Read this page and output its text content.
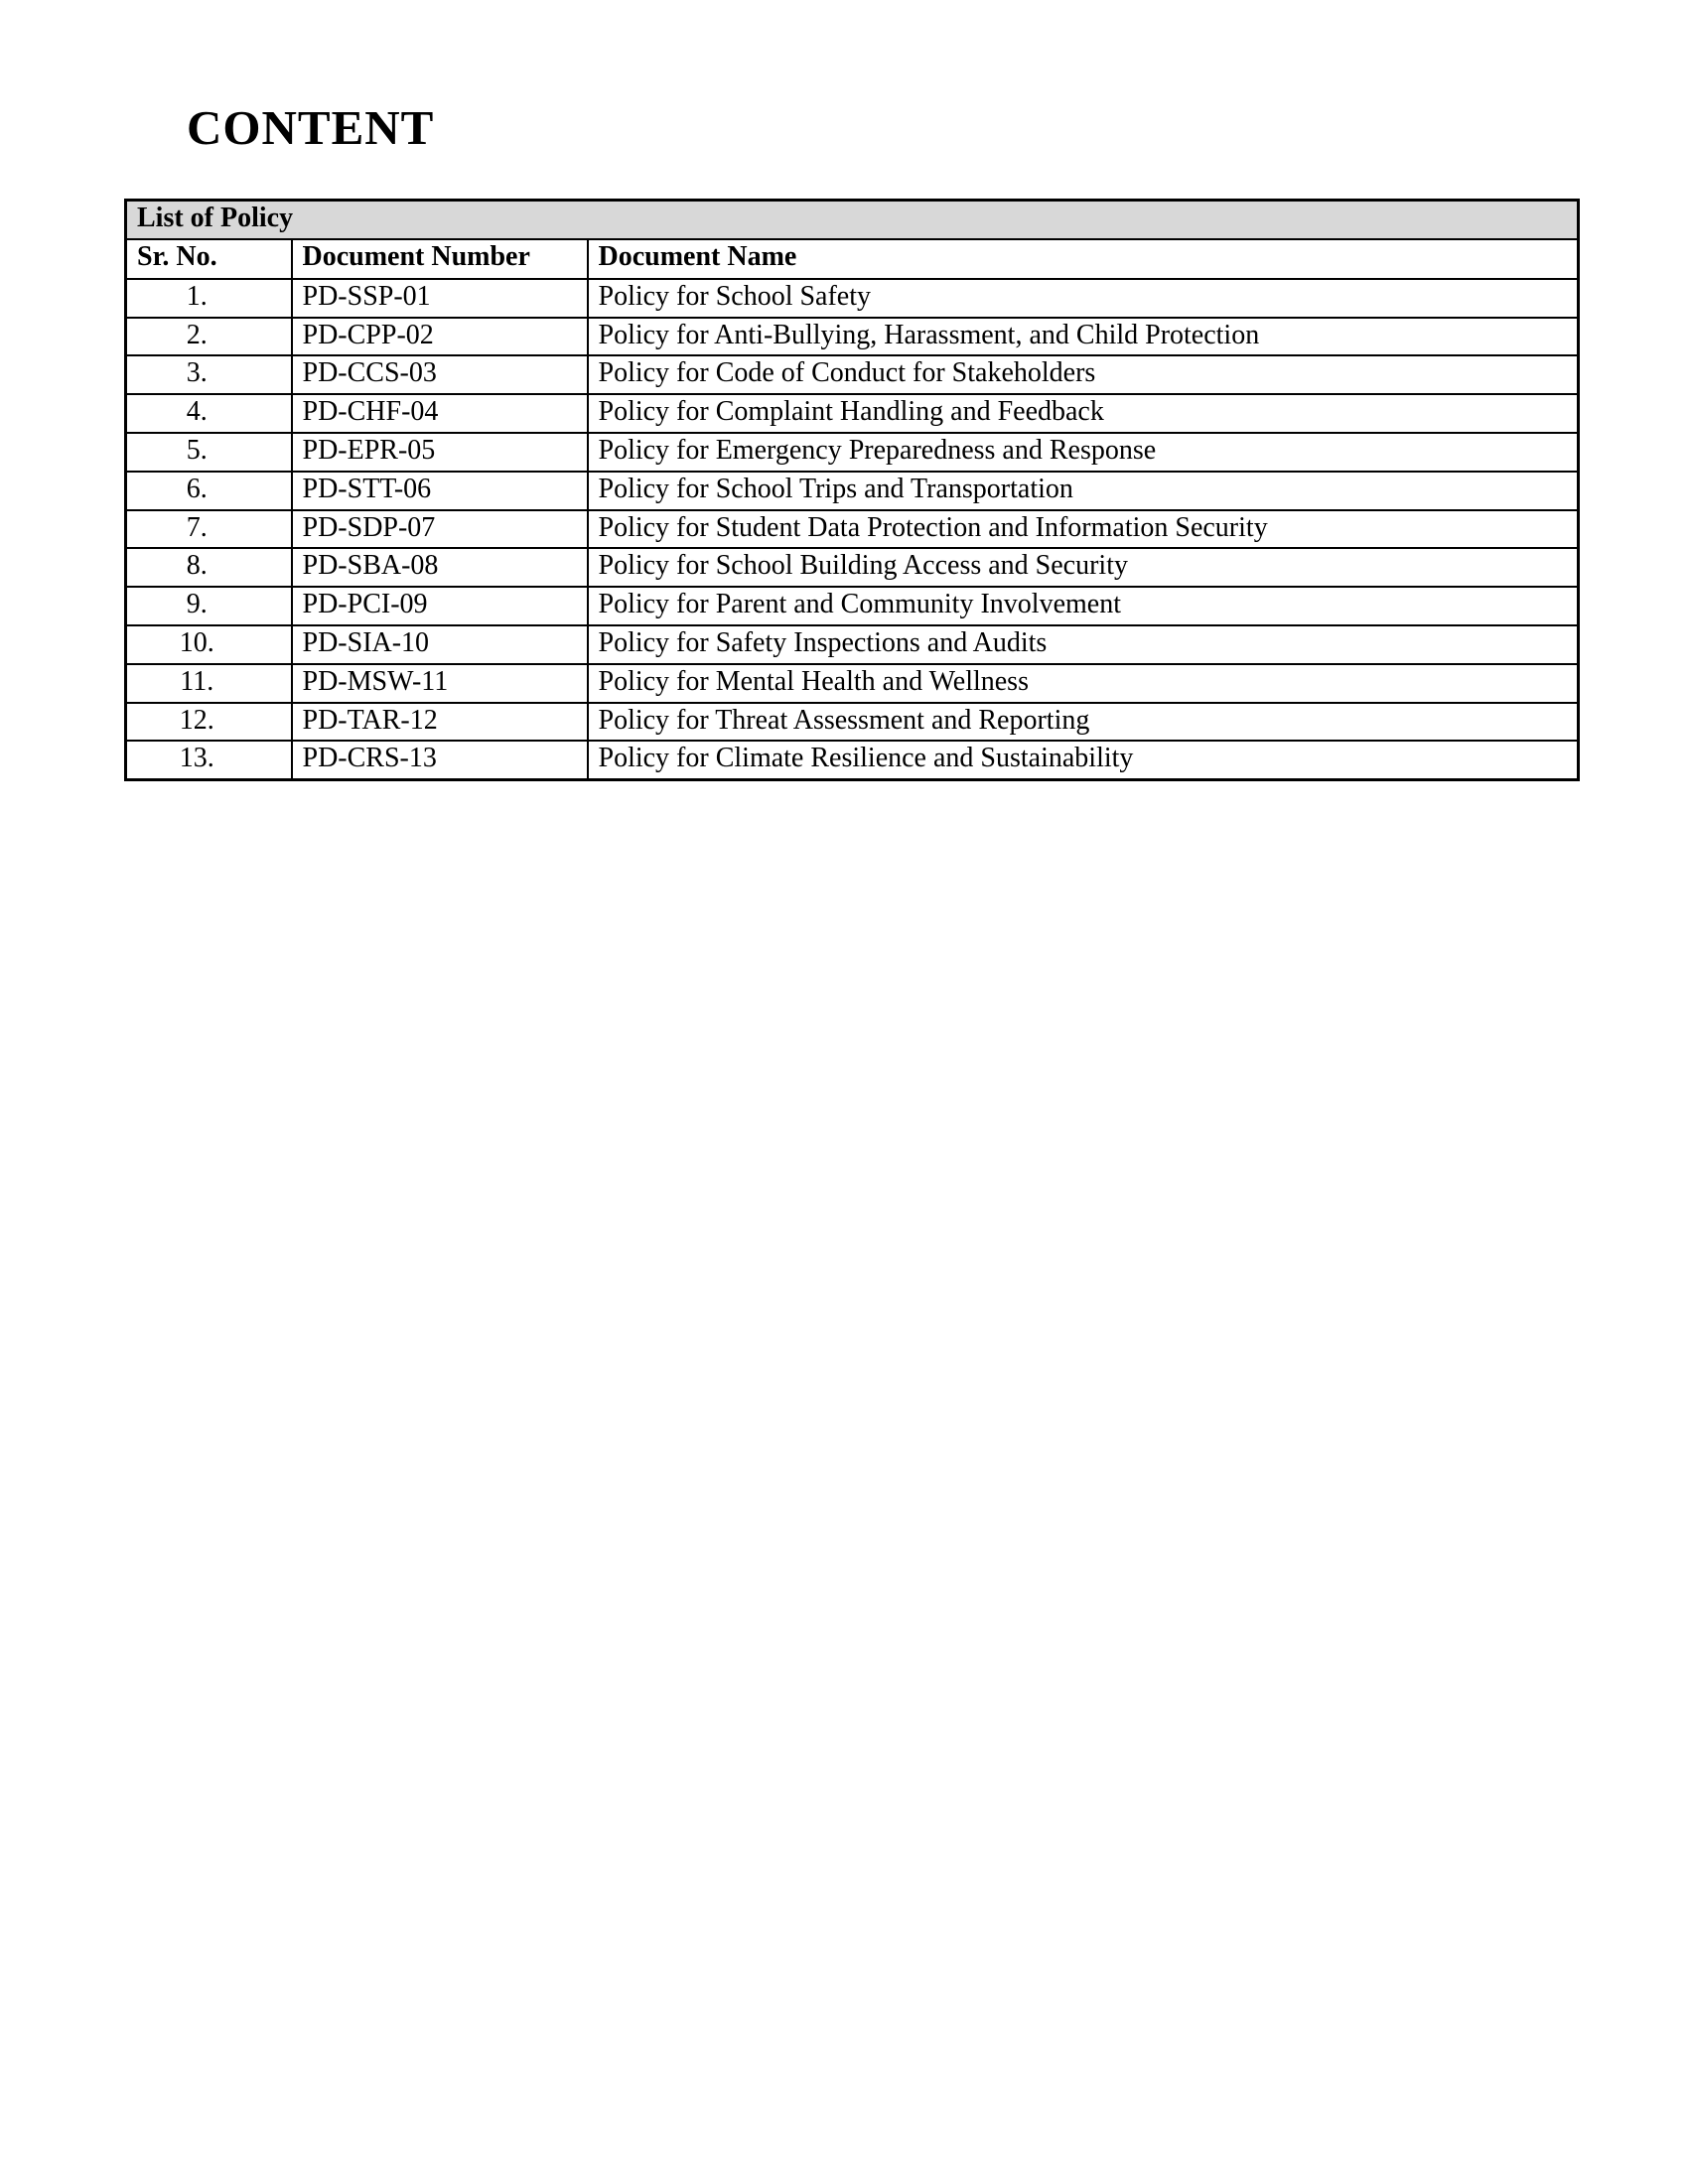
CONTENT
List of Policy		
Sr. No.	Document Number	Document Name
1.	PD-SSP-01	Policy for School Safety
2.	PD-CPP-02	Policy for Anti-Bullying, Harassment, and Child Protection
3.	PD-CCS-03	Policy for Code of Conduct for Stakeholders
4.	PD-CHF-04	Policy for Complaint Handling and Feedback
5.	PD-EPR-05	Policy for Emergency Preparedness and Response
6.	PD-STT-06	Policy for School Trips and Transportation
7.	PD-SDP-07	Policy for Student Data Protection and Information Security
8.	PD-SBA-08	Policy for School Building Access and Security
9.	PD-PCI-09	Policy for Parent and Community Involvement
10.	PD-SIA-10	Policy for Safety Inspections and Audits
11.	PD-MSW-11	Policy for Mental Health and Wellness
12.	PD-TAR-12	Policy for Threat Assessment and Reporting
13.	PD-CRS-13	Policy for Climate Resilience and Sustainability
